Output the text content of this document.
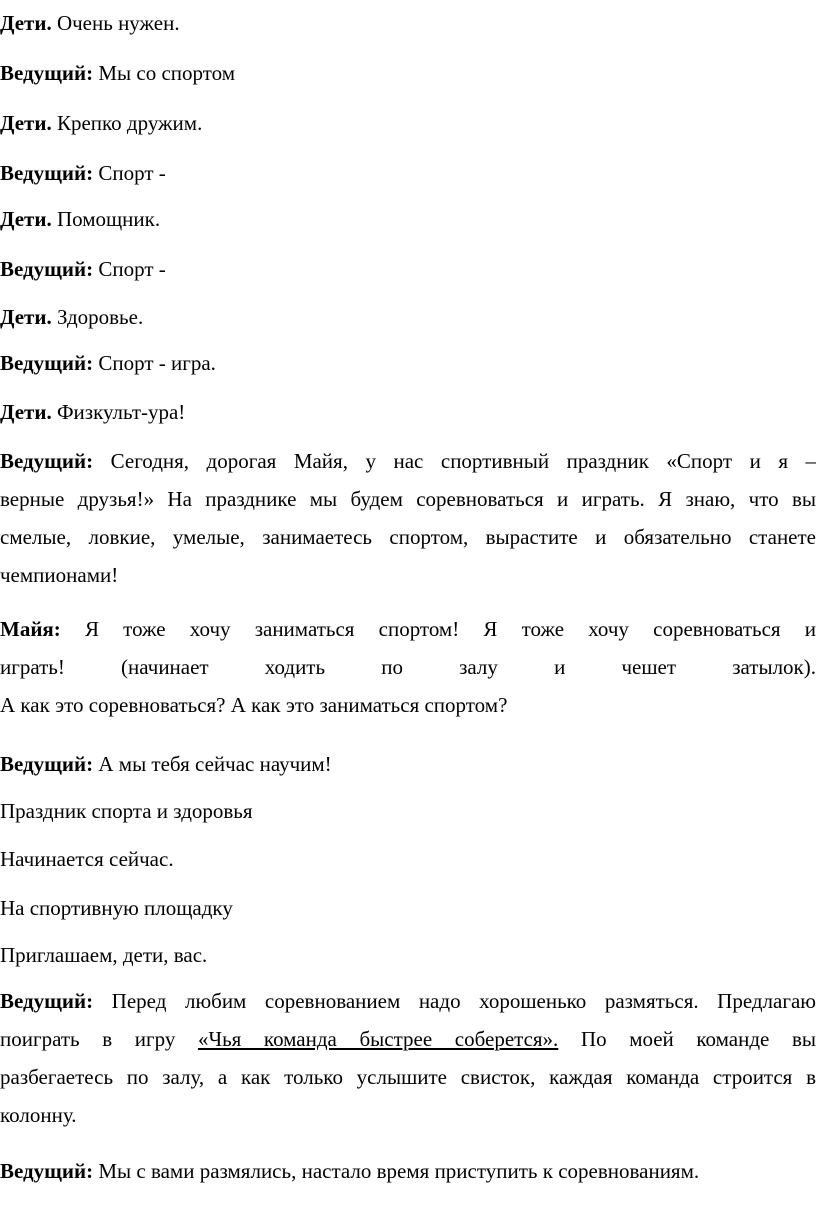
Дети. Очень нужен.
Ведущий: Мы со спортом
Дети. Крепко дружим.
Ведущий: Спорт -
Дети. Помощник.
Ведущий: Спорт -
Дети. Здоровье.
Ведущий: Спорт - игра.
Дети. Физкульт-ура!
Ведущий: Сегодня, дорогая Майя, у нас спортивный праздник «Спорт и я –
верные друзья!» На празднике мы будем соревноваться и играть. Я знаю, что вы
смелые, ловкие, умелые, занимаетесь спортом, вырастите и обязательно станете
чемпионами!
Майя: Я тоже хочу заниматься спортом! Я тоже хочу соревноваться и
играть! (начинает ходить по залу и чешет затылок).
А как это соревноваться? А как это заниматься спортом?
Ведущий: А мы тебя сейчас научим!
Праздник спорта и здоровья
Начинается сейчас.
На спортивную площадку
Приглашаем, дети, вас.
Ведущий: Перед любим соревнованием надо хорошенько размяться. Предлагаю
поиграть в игру «Чья команда быстрее соберется». По моей команде вы
разбегаетесь по залу, а как только услышите свисток, каждая команда строится в
колонну.
Ведущий: Мы с вами размялись, настало время приступить к соревнованиям.
